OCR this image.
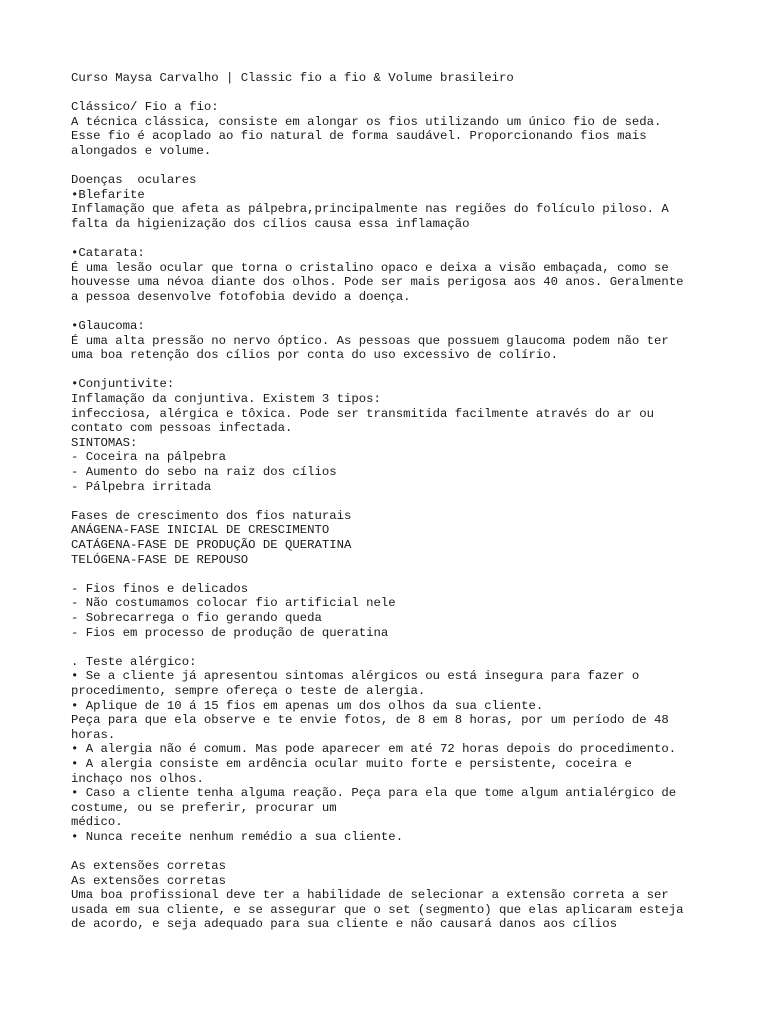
Curso Maysa Carvalho | Classic fio a fio & Volume brasileiro
Clássico/ Fio a fio:
A técnica clássica, consiste em alongar os fios utilizando um único fio de seda.
Esse fio é acoplado ao fio natural de forma saudável. Proporcionando fios mais
alongados e volume.
Doenças  oculares
•Blefarite
Inflamação que afeta as pálpebra,principalmente nas regiões do folículo piloso. A
falta da higienização dos cílios causa essa inflamação
•Catarata:
É uma lesão ocular que torna o cristalino opaco e deixa a visão embaçada, como se
houvesse uma névoa diante dos olhos. Pode ser mais perigosa aos 40 anos. Geralmente
a pessoa desenvolve fotofobia devido a doença.
•Glaucoma:
É uma alta pressão no nervo óptico. As pessoas que possuem glaucoma podem não ter
uma boa retenção dos cílios por conta do uso excessivo de colírio.
•Conjuntivite:
Inflamação da conjuntiva. Existem 3 tipos:
infecciosa, alérgica e tôxica. Pode ser transmitida facilmente através do ar ou
contato com pessoas infectada.
SINTOMAS:
- Coceira na pálpebra
- Aumento do sebo na raiz dos cílios
- Pálpebra irritada
Fases de crescimento dos fios naturais
ANÁGENA-FASE INICIAL DE CRESCIMENTO
CATÁGENA-FASE DE PRODUÇÃO DE QUERATINA
TELÓGENA-FASE DE REPOUSO
- Fios finos e delicados
- Não costumamos colocar fio artificial nele
- Sobrecarrega o fio gerando queda
- Fios em processo de produção de queratina
. Teste alérgico:
• Se a cliente já apresentou sintomas alérgicos ou está insegura para fazer o
procedimento, sempre ofereça o teste de alergia.
• Aplique de 10 á 15 fios em apenas um dos olhos da sua cliente.
Peça para que ela observe e te envie fotos, de 8 em 8 horas, por um período de 48
horas.
• A alergia não é comum. Mas pode aparecer em até 72 horas depois do procedimento.
• A alergia consiste em ardência ocular muito forte e persistente, coceira e
inchaço nos olhos.
• Caso a cliente tenha alguma reação. Peça para ela que tome algum antialérgico de
costume, ou se preferir, procurar um
médico.
• Nunca receite nenhum remédio a sua cliente.
As extensões corretas
As extensões corretas
Uma boa profissional deve ter a habilidade de selecionar a extensão correta a ser
usada em sua cliente, e se assegurar que o set (segmento) que elas aplicaram esteja
de acordo, e seja adequado para sua cliente e não causará danos aos cílios
